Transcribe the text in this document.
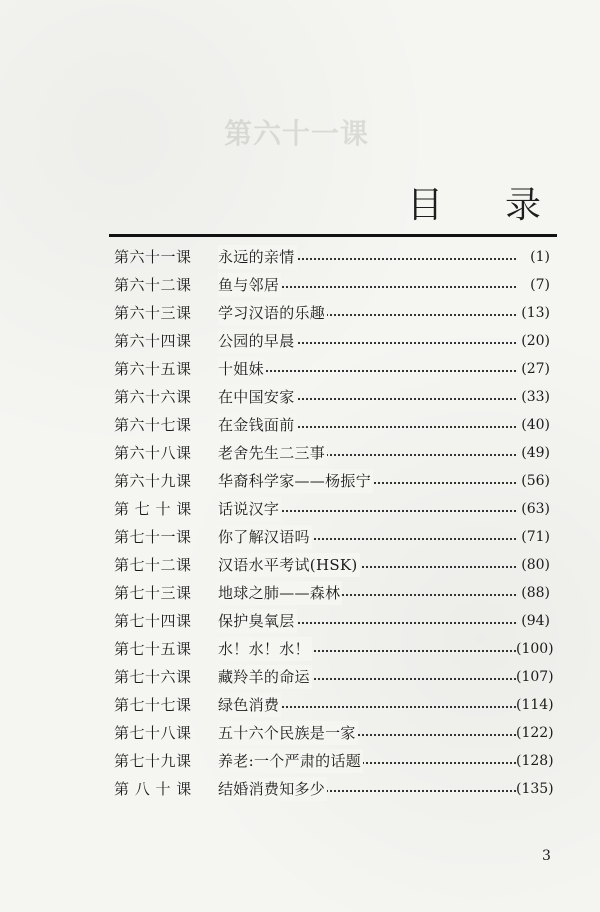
第六十一课
目 录
第六十一课	永远的亲情	(1)
第六十二课	鱼与邻居	(7)
第六十三课	学习汉语的乐趣	(13)
第六十四课	公园的早晨	(20)
第六十五课	十姐妹	(27)
第六十六课	在中国安家	(33)
第六十七课	在金钱面前	(40)
第六十八课	老舍先生二三事	(49)
第六十九课	华裔科学家——杨振宁	(56)
第 七 十 课	话说汉字	(63)
第七十一课	你了解汉语吗	(71)
第七十二课	汉语水平考试(HSK)	(80)
第七十三课	地球之肺——森林	(88)
第七十四课	保护臭氧层	(94)
第七十五课	水！水！水！	(100)
第七十六课	藏羚羊的命运	(107)
第七十七课	绿色消费	(114)
第七十八课	五十六个民族是一家	(122)
第七十九课	养老:一个严肃的话题	(128)
第 八 十 课	结婚消费知多少	(135)
3
